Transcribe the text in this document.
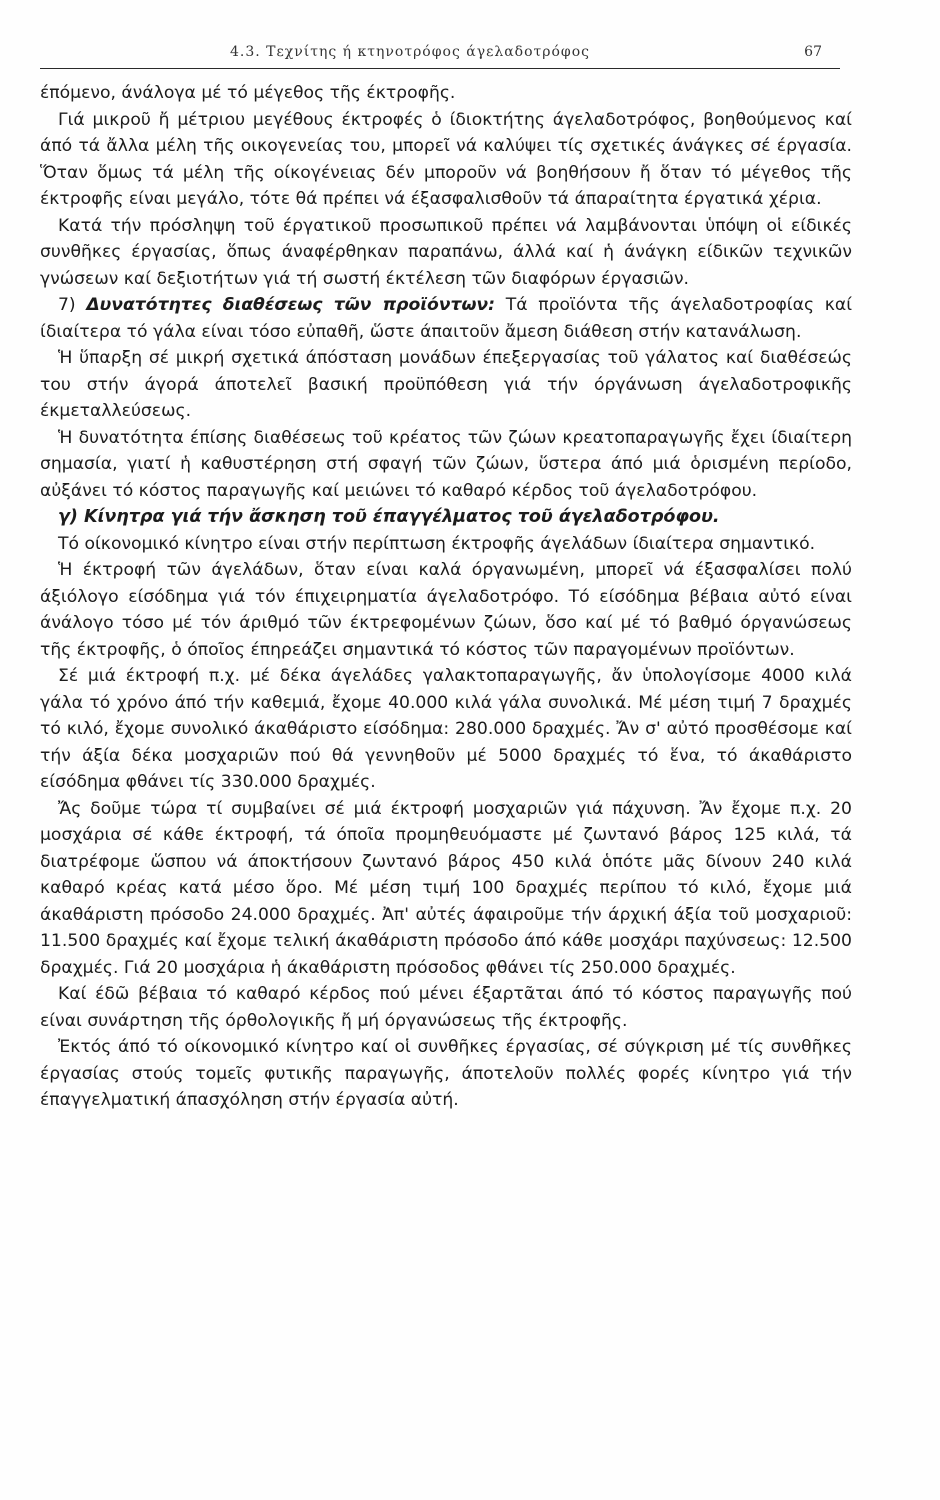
4.3. Τεχνίτης ή κτηνοτρόφος άγελαδοτρόφος	67

έπόμενο, άνάλογα μέ τό μέγεθος τῆς έκτροφῆς.

Γιά μικροῦ ἤ μέτριου μεγέθους έκτροφές ὁ ίδιοκτήτης άγελαδοτρόφος, βοηθούμενος καί άπό τά ἄλλα μέλη τῆς οικογενείας του, μπορεῖ νά καλύψει τίς σχετικές άνάγκες σέ έργασία. Ὅταν ὅμως τά μέλη τῆς οίκογένειας δέν μποροῦν νά βοηθήσουν ἤ ὅταν τό μέγεθος τῆς έκτροφῆς είναι μεγάλο, τότε θά πρέπει νά έξασφαλισθοῦν τά άπαραίτητα έργατικά χέρια.

Κατά τήν πρόσληψη τοῦ έργατικοῦ προσωπικοῦ πρέπει νά λαμβάνονται ὑπόψη οἱ είδικές συνθῆκες έργασίας, ὅπως άναφέρθηκαν παραπάνω, άλλά καί ἡ άνάγκη είδικῶν τεχνικῶν γνώσεων καί δεξιοτήτων γιά τή σωστή έκτέλεση τῶν διαφόρων έργασιῶν.

7) Δυνατότητες διαθέσεως τῶν προϊόντων: Τά προϊόντα τῆς άγελαδοτροφίας καί ίδιαίτερα τό γάλα είναι τόσο εὐπαθῆ, ὥστε άπαιτοῦν ἄμεση διάθεση στήν κατανάλωση.

Ἡ ὕπαρξη σέ μικρή σχετικά άπόσταση μονάδων έπεξεργασίας τοῦ γάλατος καί διαθέσεώς του στήν άγορά άποτελεῖ βασική προϋπόθεση γιά τήν όργάνωση άγελαδοτροφικῆς έκμεταλλεύσεως.

Ἡ δυνατότητα έπίσης διαθέσεως τοῦ κρέατος τῶν ζώων κρεατοπαραγωγῆς ἔχει ίδιαίτερη σημασία, γιατί ἡ καθυστέρηση στή σφαγή τῶν ζώων, ὕστερα άπό μιά ὁρισμένη περίοδο, αὐξάνει τό κόστος παραγωγῆς καί μειώνει τό καθαρό κέρδος τοῦ άγελαδοτρόφου.

γ) Κίνητρα γιά τήν ἄσκηση τοῦ έπαγγέλματος τοῦ άγελαδοτρόφου.

Τό οίκονομικό κίνητρο είναι στήν περίπτωση έκτροφῆς άγελάδων ίδιαίτερα σημαντικό.

Ἡ έκτροφή τῶν άγελάδων, ὅταν είναι καλά όργανωμένη, μπορεῖ νά έξασφαλίσει πολύ άξιόλογο είσόδημα γιά τόν έπιχειρηματία άγελαδοτρόφο. Τό είσόδημα βέβαια αὐτό είναι άνάλογο τόσο μέ τόν άριθμό τῶν έκτρεφομένων ζώων, ὅσο καί μέ τό βαθμό όργανώσεως τῆς έκτροφῆς, ὁ όποῖος έπηρεάζει σημαντικά τό κόστος τῶν παραγομένων προϊόντων.

Σέ μιά έκτροφή π.χ. μέ δέκα άγελάδες γαλακτοπαραγωγῆς, ἄν ὑπολογίσομε 4000 κιλά γάλα τό χρόνο άπό τήν καθεμιά, ἔχομε 40.000 κιλά γάλα συνολικά. Μέ μέση τιμή 7 δραχμές τό κιλό, ἔχομε συνολικό άκαθάριστο είσόδημα: 280.000 δραχμές. Ἄν σ' αὐτό προσθέσομε καί τήν άξία δέκα μοσχαριῶν πού θά γεννηθοῦν μέ 5000 δραχμές τό ἕνα, τό άκαθάριστο είσόδημα φθάνει τίς 330.000 δραχμές.

Ἄς δοῦμε τώρα τί συμβαίνει σέ μιά έκτροφή μοσχαριῶν γιά πάχυνση. Ἄν ἔχομε π.χ. 20 μοσχάρια σέ κάθε έκτροφή, τά όποῖα προμηθευόμαστε μέ ζωντανό βάρος 125 κιλά, τά διατρέφομε ὥσπου νά άποκτήσουν ζωντανό βάρος 450 κιλά ὁπότε μᾶς δίνουν 240 κιλά καθαρό κρέας κατά μέσο ὅρο. Μέ μέση τιμή 100 δραχμές περίπου τό κιλό, ἔχομε μιά άκαθάριστη πρόσοδο 24.000 δραχμές. Ἀπ' αὐτές άφαιροῦμε τήν άρχική άξία τοῦ μοσχαριοῦ: 11.500 δραχμές καί ἔχομε τελική άκαθάριστη πρόσοδο άπό κάθε μοσχάρι παχύνσεως: 12.500 δραχμές. Γιά 20 μοσχάρια ἡ άκαθάριστη πρόσοδος φθάνει τίς 250.000 δραχμές.

Καί έδῶ βέβαια τό καθαρό κέρδος πού μένει έξαρτᾶται άπό τό κόστος παραγωγῆς πού είναι συνάρτηση τῆς όρθολογικῆς ἤ μή όργανώσεως τῆς έκτροφῆς.

Ἐκτός άπό τό οίκονομικό κίνητρο καί οἱ συνθῆκες έργασίας, σέ σύγκριση μέ τίς συνθῆκες έργασίας στούς τομεῖς φυτικῆς παραγωγῆς, άποτελοῦν πολλές φορές κίνητρο γιά τήν έπαγγελματική άπασχόληση στήν έργασία αὐτή.
